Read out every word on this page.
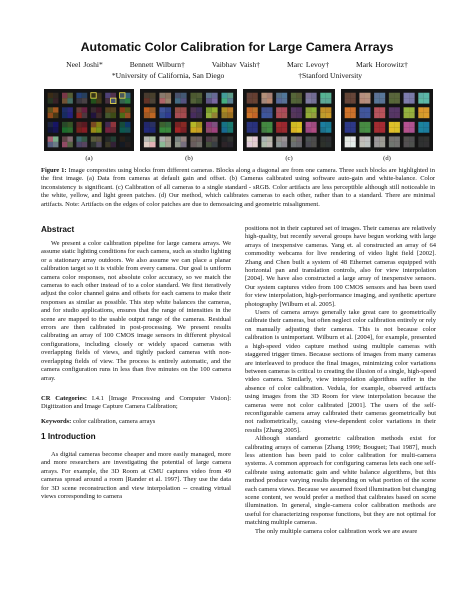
Automatic Color Calibration for Large Camera Arrays
Neel Joshi*	Bennett Wilburn†	Vaibhav Vaish†	Marc Levoy†	Mark Horowitz†
*University of California, San Diego	†Stanford University
(a)	(b)	(c)	(d)
Figure 1: Image composites using blocks from different cameras. Blocks along a diagonal are from one camera. Three such blocks are highlighted in the first image. (a) Data from cameras at default gain and offset. (b) Cameras calibrated using software auto-gain and white-balance. Color inconsistency is significant. (c) Calibration of all cameras to a single standard - sRGB. Color artifacts are less perceptible although still noticeable in the white, yellow, and light green patches. (d) Our method, which calibrates cameras to each other, rather than to a standard. There are minimal artifacts. Note: Artifacts on the edges of color patches are due to demosaicing and geometric misalignment.
Abstract

We present a color calibration pipeline for large camera arrays. We assume static lighting conditions for each camera, such as studio lighting or a stationary array outdoors. We also assume we can place a planar calibration target so it is visible from every camera. Our goal is uniform camera color responses, not absolute color accuracy, so we match the cameras to each other instead of to a color standard. We first iteratively adjust the color channel gains and offsets for each camera to make their responses as similar as possible. This step white balances the cameras, and for studio applications, ensures that the range of intensities in the scene are mapped to the usable output range of the cameras. Residual errors are then calibrated in post-processing. We present results calibrating an array of 100 CMOS image sensors in different physical configurations, including closely or widely spaced cameras with overlapping fields of views, and tightly packed cameras with non-overlapping fields of view. The process is entirely automatic, and the camera configuration runs in less than five minutes on the 100 camera array.

CR Categories: I.4.1 [Image Processing and Computer Vision]: Digitization and Image Capture Camera Calibration;

Keywords: color calibration, camera arrays

1 Introduction

As digital cameras become cheaper and more easily managed, more and more researchers are investigating the potential of large camera arrays. For example, the 3D Room at CMU captures video from 49 cameras spread around a room [Rander et al. 1997]. They use the data for 3D scene reconstruction and view interpolation -- creating virtual views corresponding to camera

positions not in their captured set of images. Their cameras are relatively high-quality, but recently several groups have begun working with large arrays of inexpensive cameras. Yang et. al constructed an array of 64 commodity webcams for live rendering of video light field [2002]. Zhang and Chen built a system of 48 Ethernet cameras equipped with horizontal pan and translation controls, also for view interpolation [2004]. We have also constructed a large array of inexpensive sensors. Our system captures video from 100 CMOS sensors and has been used for view interpolation, high-performance imaging, and synthetic aperture photography [Wilburn et al. 2005].

Users of camera arrays generally take great care to geometrically calibrate their cameras, but often neglect color calibration entirely or rely on manually adjusting their cameras. This is not because color calibration is unimportant. Wilburn et al. [2004], for example, presented a high-speed video capture method using multiple cameras with staggered trigger times. Because sections of images from many cameras are interleaved to produce the final images, minimizing color variations between cameras is critical to creating the illusion of a single, high-speed video camera. Similarly, view interpolation algorithms suffer in the absence of color calibration. Vedula, for example, observed artifacts using images from the 3D Room for view interpolation because the cameras were not color calibrated [2001]. The users of the self-reconfigurable camera array calibrated their cameras geometrically but not radiometrically, causing view-dependent color variations in their results [Zhang 2005].

Although standard geometric calibration methods exist for calibrating arrays of cameras [Zhang 1999; Bouguet; Tsai 1987], much less attention has been paid to color calibration for multi-camera systems. A common approach for configuring cameras lets each one self-calibrate using automatic gain and white balance algorithms, but this method produce varying results depending on what portion of the scene each camera views. Because we assumed fixed illumination but changing scene content, we would prefer a method that calibrates based on scene illumination. In general, single-camera color calibration methods are useful for characterizing response functions, but they are not optimal for matching multiple cameras.

The only multiple camera color calibration work we are aware
